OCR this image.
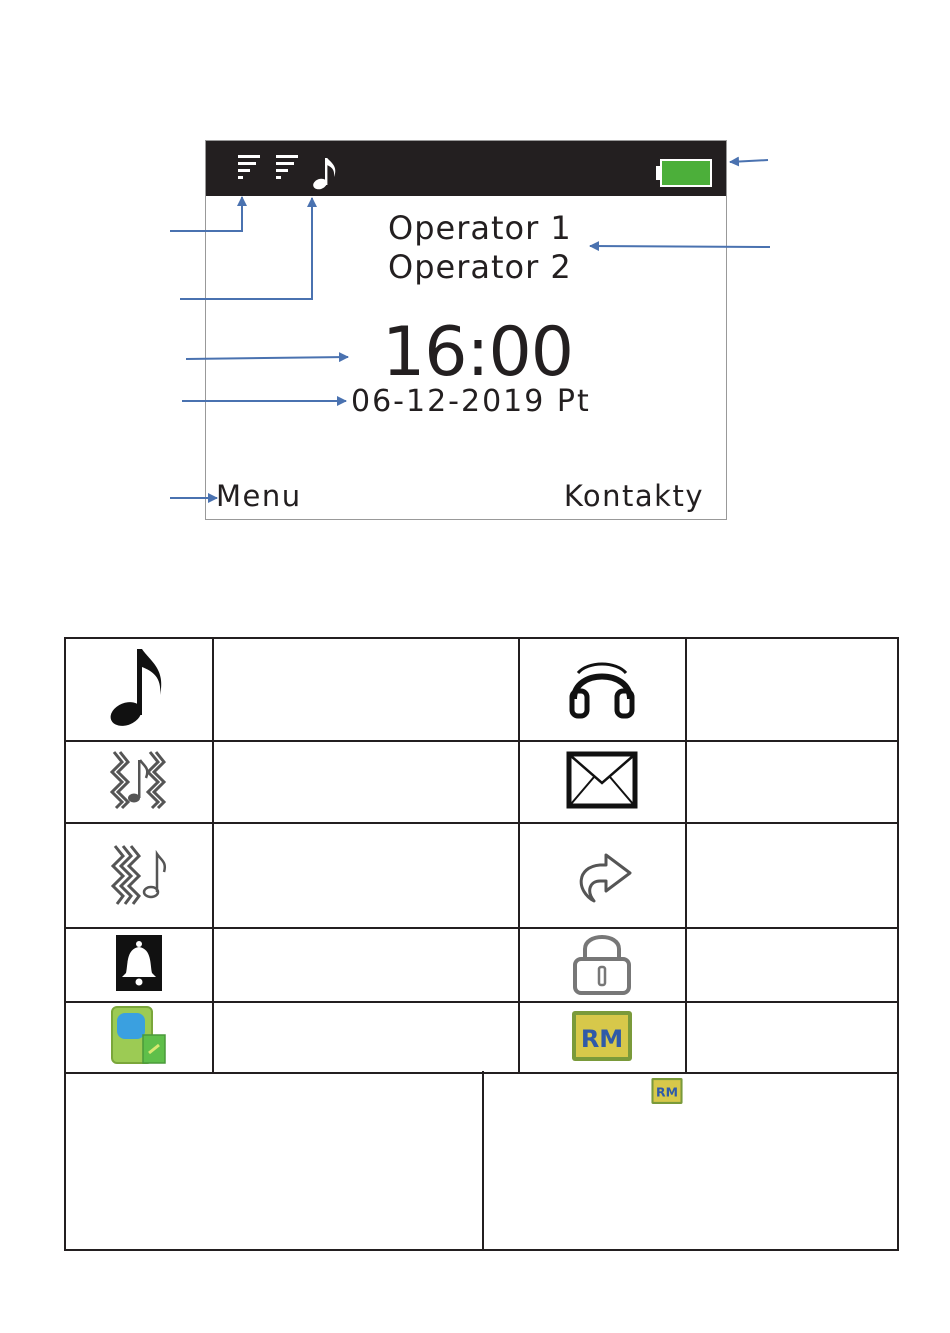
Operator 1
Operator 2
16:00
06-12-2019 Pt
Menu	Kontakty

RM	

RM
